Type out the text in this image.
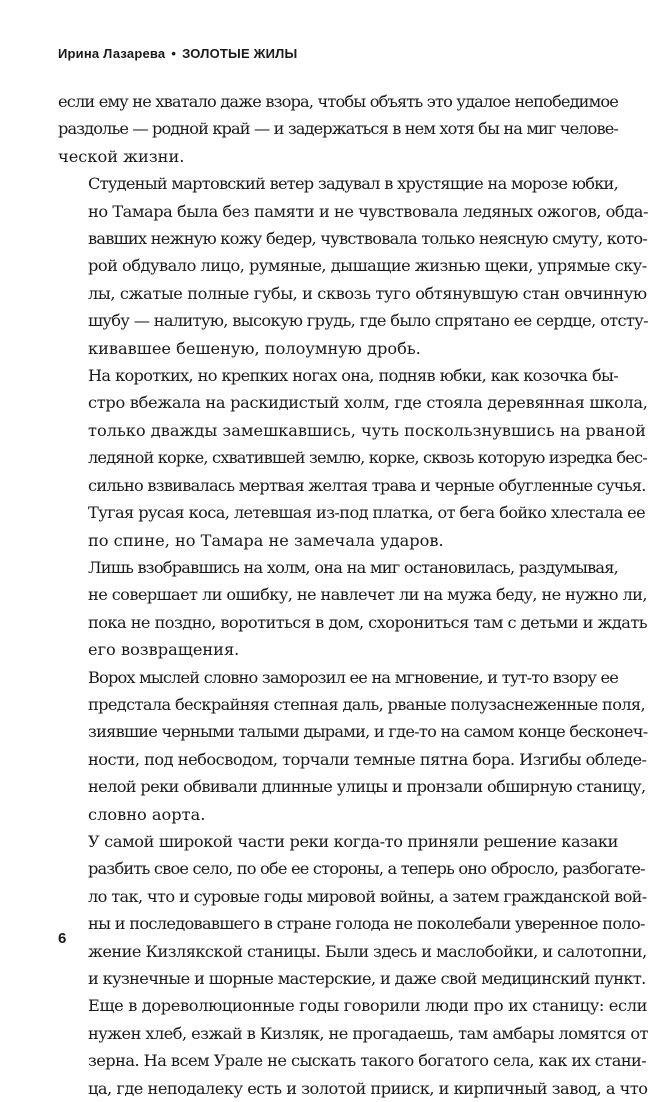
Ирина Лазарева • ЗОЛОТЫЕ ЖИЛЫ

если ему не хватало даже взора, чтобы объять это удалое непобедимое
раздолье — родной край — и задержаться в нем хотя бы на миг челове-
ческой жизни.

Студеный мартовский ветер задувал в хрустящие на морозе юбки,
но Тамара была без памяти и не чувствовала ледяных ожогов, обда-
вавших нежную кожу бедер, чувствовала только неясную смуту, кото-
рой обдувало лицо, румяные, дышащие жизнью щеки, упрямые ску-
лы, сжатые полные губы, и сквозь туго обтянувшую стан овчинную
шубу — налитую, высокую грудь, где было спрятано ее сердце, отсту-
кивавшее бешеную, полоумную дробь.

На коротких, но крепких ногах она, подняв юбки, как козочка бы-
стро вбежала на раскидистый холм, где стояла деревянная школа,
только дважды замешкавшись, чуть поскользнувшись на рваной
ледяной корке, схватившей землю, корке, сквозь которую изредка бес-
сильно взвивалась мертвая желтая трава и черные обугленные сучья.
Тугая русая коса, летевшая из-под платка, от бега бойко хлестала ее
по спине, но Тамара не замечала ударов.

Лишь взобравшись на холм, она на миг остановилась, раздумывая,
не совершает ли ошибку, не навлечет ли на мужа беду, не нужно ли,
пока не поздно, воротиться в дом, схорониться там с детьми и ждать
его возвращения.

Ворох мыслей словно заморозил ее на мгновение, и тут-то взору ее
предстала бескрайняя степная даль, рваные полузаснеженные поля,
зиявшие черными талыми дырами, и где-то на самом конце бесконеч-
ности, под небосводом, торчали темные пятна бора. Изгибы обледе-
нелой реки обвивали длинные улицы и пронзали обширную станицу,
словно аорта.

У самой широкой части реки когда-то приняли решение казаки
разбить свое село, по обе ее стороны, а теперь оно обросло, разбогате-
ло так, что и суровые годы мировой войны, а затем гражданской вой-
ны и последовавшего в стране голода не поколебали уверенное поло-
жение Кизлякской станицы. Были здесь и маслобойки, и салотопни,
и кузнечные и шорные мастерские, и даже свой медицинский пункт.
Еще в дореволюционные годы говорили люди про их станицу: если
нужен хлеб, езжай в Кизляк, не прогадаешь, там амбары ломятся от
зерна. На всем Урале не сыскать такого богатого села, как их стани-
ца, где неподалеку есть и золотой прииск, и кирпичный завод, а что

6
